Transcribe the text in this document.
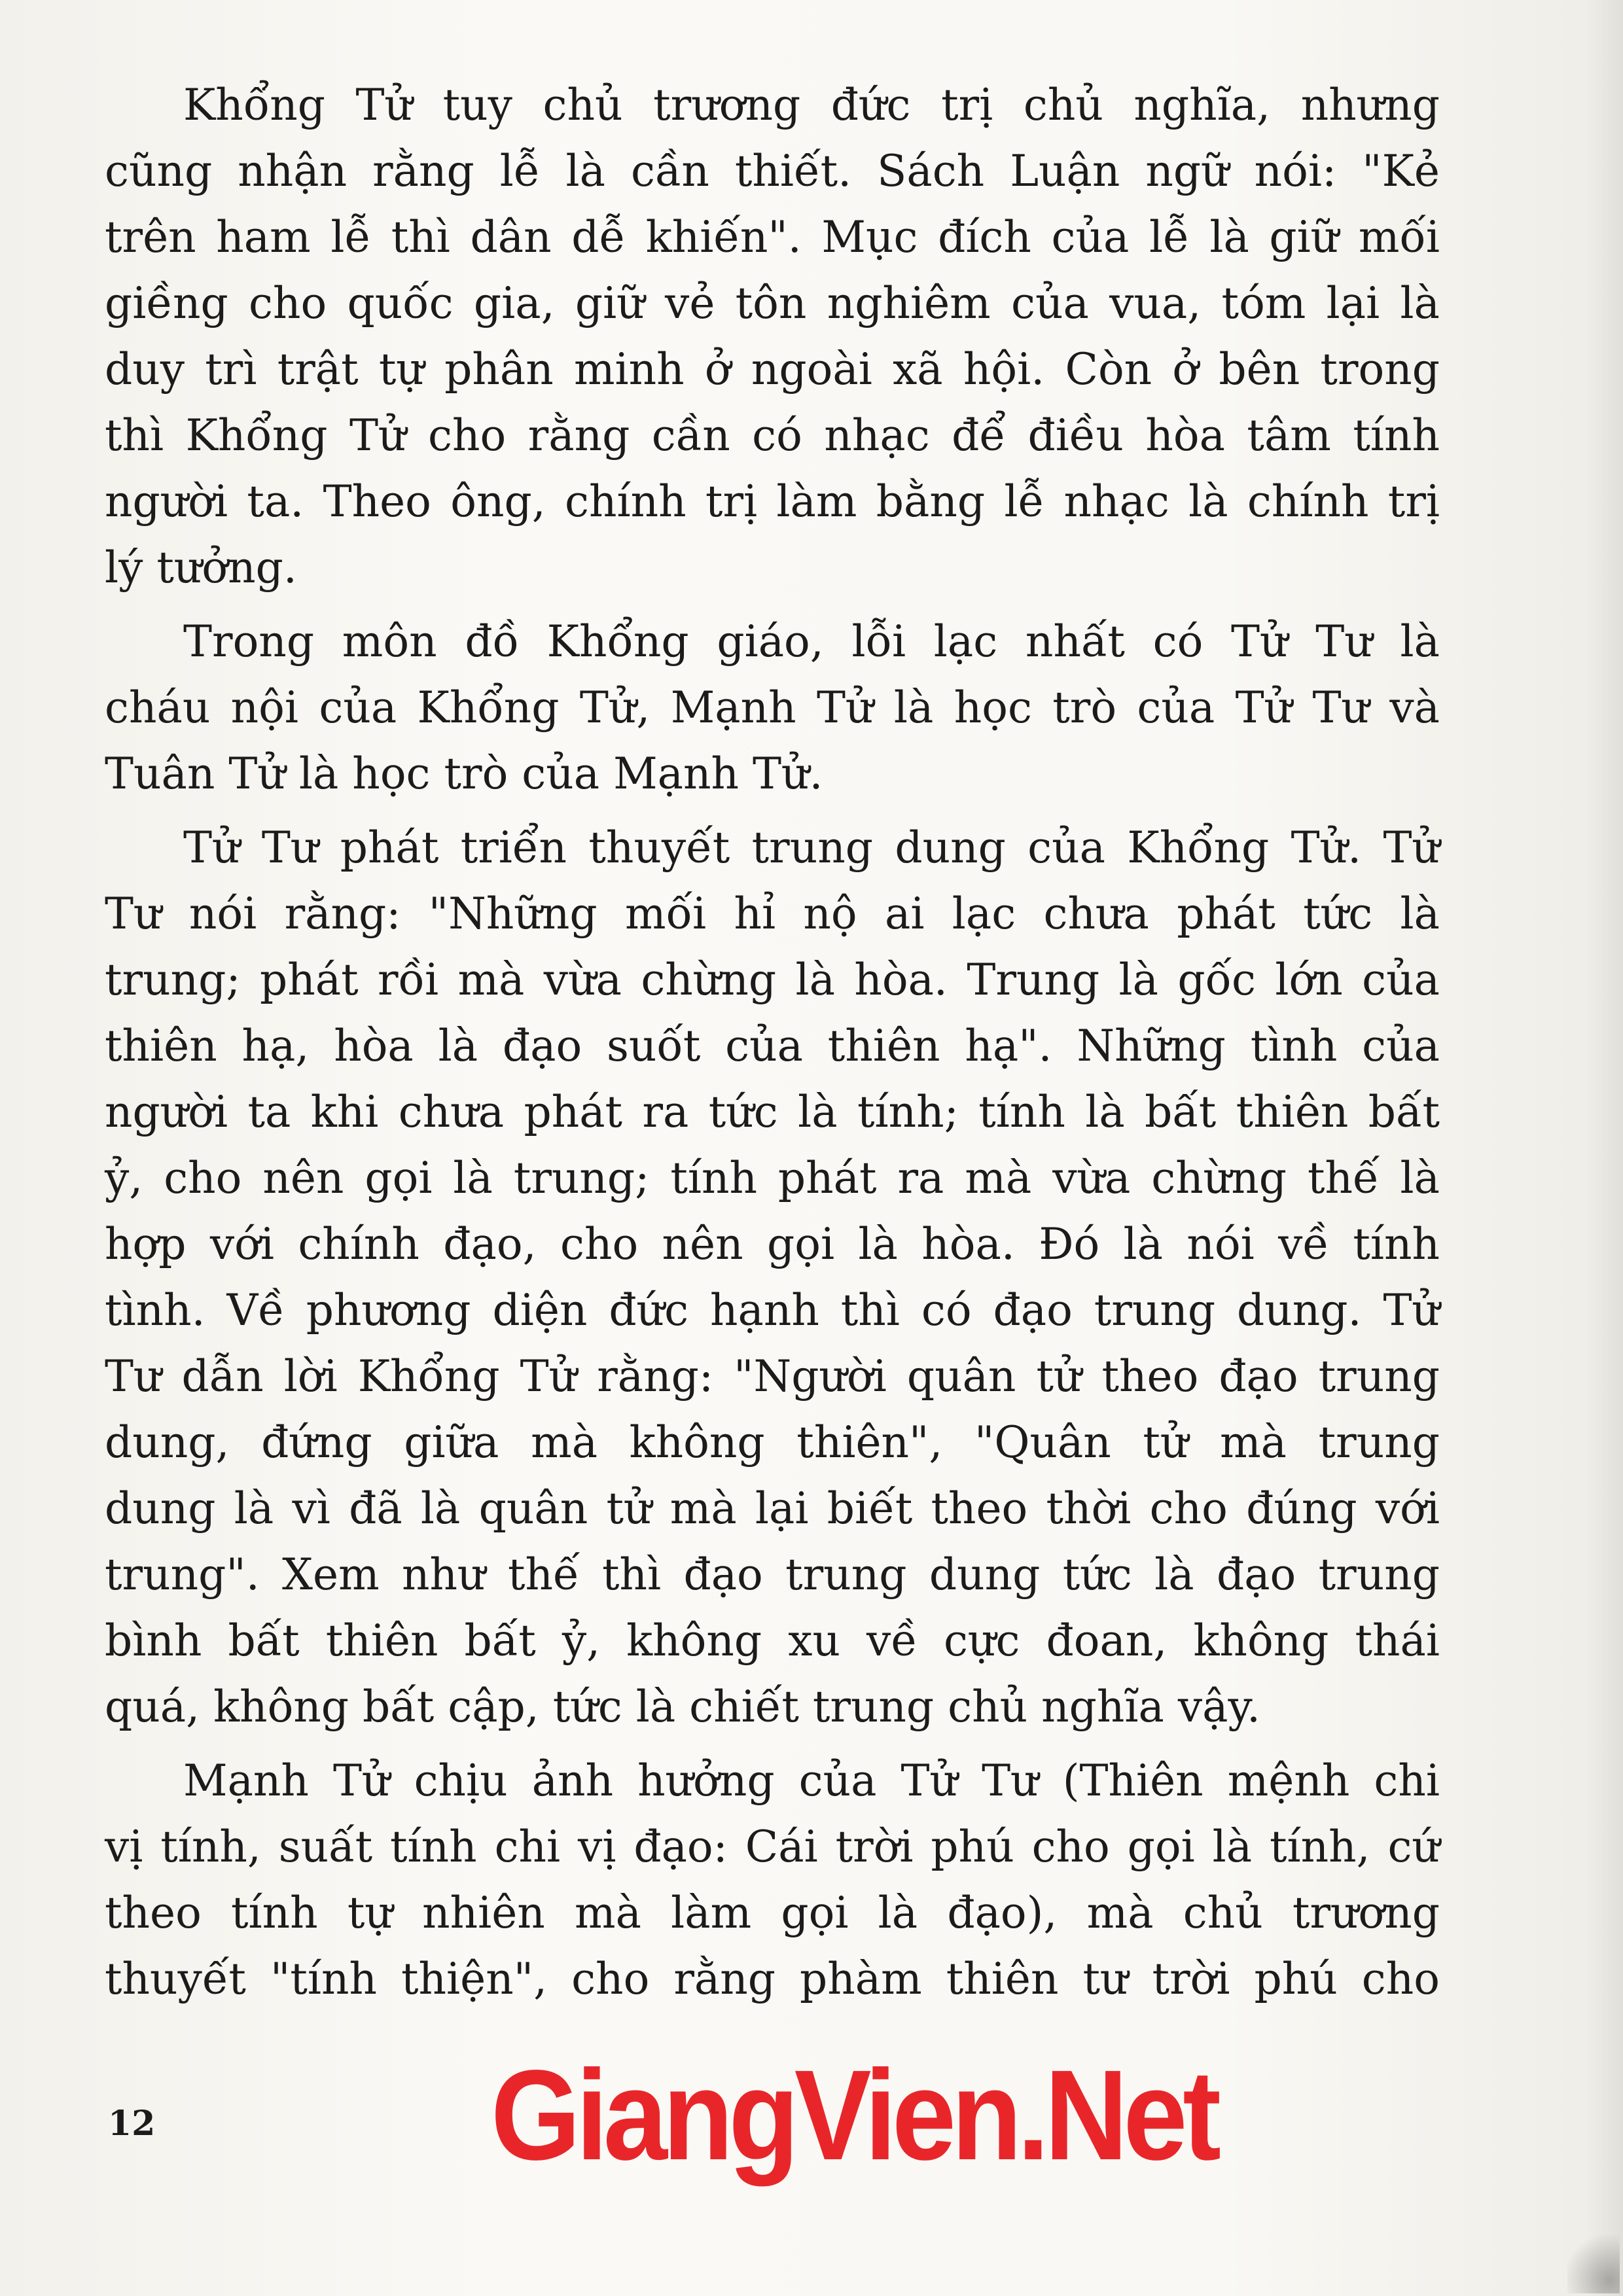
Khổng Tử tuy chủ trương đức trị chủ nghĩa, nhưng
cũng nhận rằng lễ là cần thiết. Sách Luận ngữ nói: "Kẻ
trên ham lễ thì dân dễ khiến". Mục đích của lễ là giữ mối
giềng cho quốc gia, giữ vẻ tôn nghiêm của vua, tóm lại là
duy trì trật tự phân minh ở ngoài xã hội. Còn ở bên trong
thì Khổng Tử cho rằng cần có nhạc để điều hòa tâm tính
người ta. Theo ông, chính trị làm bằng lễ nhạc là chính trị
lý tưởng.

Trong môn đồ Khổng giáo, lỗi lạc nhất có Tử Tư là
cháu nội của Khổng Tử, Mạnh Tử là học trò của Tử Tư và
Tuân Tử là học trò của Mạnh Tử.

Tử Tư phát triển thuyết trung dung của Khổng Tử. Tử
Tư nói rằng: "Những mối hỉ nộ ai lạc chưa phát tức là
trung; phát rồi mà vừa chừng là hòa. Trung là gốc lớn của
thiên hạ, hòa là đạo suốt của thiên hạ". Những tình của
người ta khi chưa phát ra tức là tính; tính là bất thiên bất
ỷ, cho nên gọi là trung; tính phát ra mà vừa chừng thế là
hợp với chính đạo, cho nên gọi là hòa. Đó là nói về tính
tình. Về phương diện đức hạnh thì có đạo trung dung. Tử
Tư dẫn lời Khổng Tử rằng: "Người quân tử theo đạo trung
dung, đứng giữa mà không thiên", "Quân tử mà trung
dung là vì đã là quân tử mà lại biết theo thời cho đúng với
trung". Xem như thế thì đạo trung dung tức là đạo trung
bình bất thiên bất ỷ, không xu về cực đoan, không thái
quá, không bất cập, tức là chiết trung chủ nghĩa vậy.

Mạnh Tử chịu ảnh hưởng của Tử Tư (Thiên mệnh chi
vị tính, suất tính chi vị đạo: Cái trời phú cho gọi là tính, cứ
theo tính tự nhiên mà làm gọi là đạo), mà chủ trương
thuyết "tính thiện", cho rằng phàm thiên tư trời phú cho

12	GiangVien.Net
